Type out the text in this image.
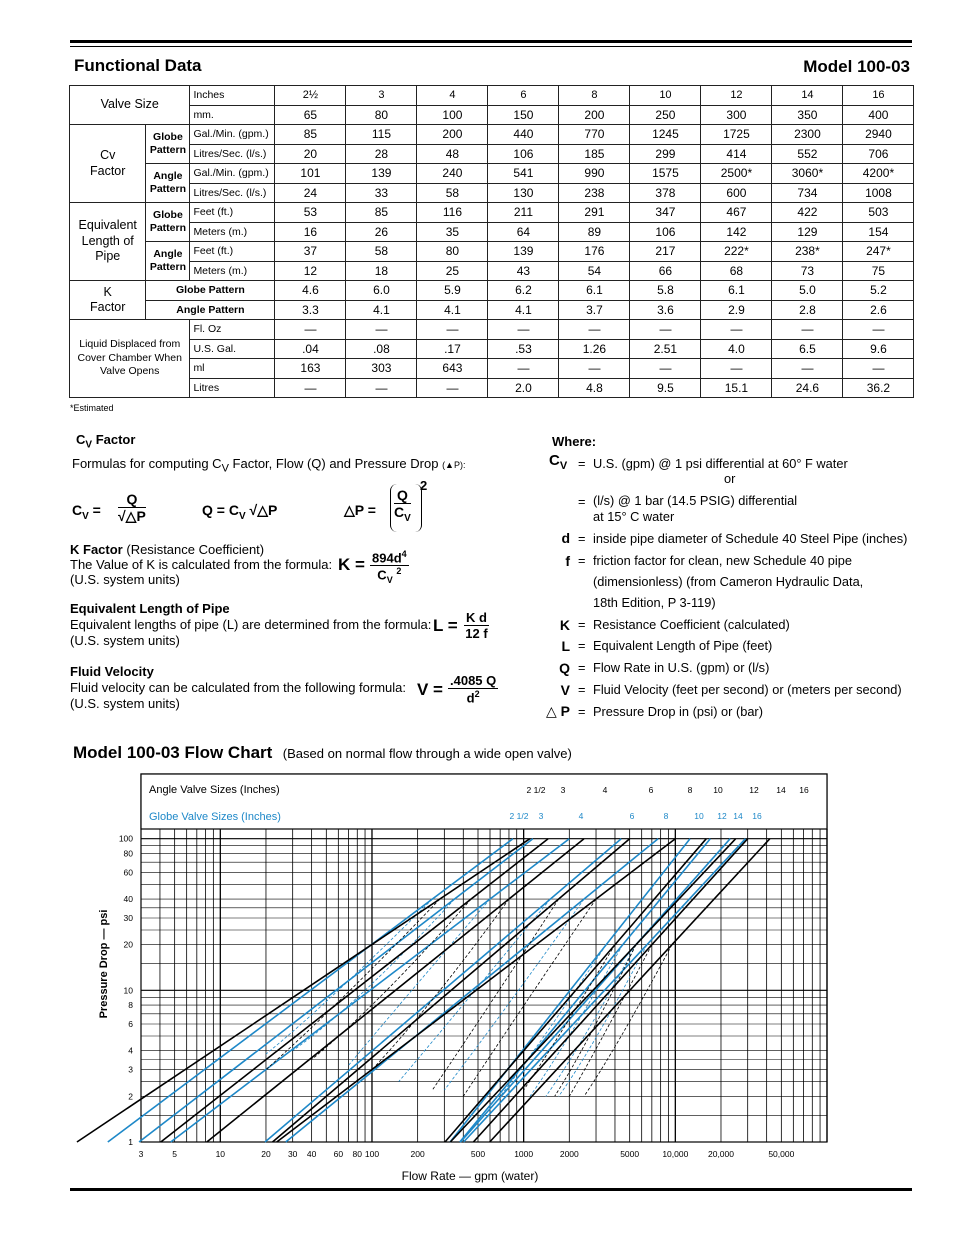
Functional Data	Model 100-03
Valve Size		Inches	2½	3	4	6	8	10	12	14	16
		mm.	65	80	100	150	200	250	300	350	400
Cv Factor	Globe Pattern	Gal./Min. (gpm.)	85	115	200	440	770	1245	1725	2300	2940
		Litres/Sec. (l/s.)	20	28	48	106	185	299	414	552	706
	Angle Pattern	Gal./Min. (gpm.)	101	139	240	541	990	1575	2500*	3060*	4200*
		Litres/Sec. (l/s.)	24	33	58	130	238	378	600	734	1008
Equivalent Length of Pipe	Globe Pattern	Feet (ft.)	53	85	116	211	291	347	467	422	503
		Meters (m.)	16	26	35	64	89	106	142	129	154
	Angle Pattern	Feet (ft.)	37	58	80	139	176	217	222*	238*	247*
		Meters (m.)	12	18	25	43	54	66	68	73	75
K Factor	Globe Pattern		4.6	6.0	5.9	6.2	6.1	5.8	6.1	5.0	5.2
	Angle Pattern		3.3	4.1	4.1	4.1	3.7	3.6	2.9	2.8	2.6
Liquid Displaced from Cover Chamber When Valve Opens		Fl. Oz	—	—	—	—	—	—	—	—	—
		U.S. Gal.	.04	.08	.17	.53	1.26	2.51	4.0	6.5	9.6
		ml	163	303	643	—	—	—	—	—	—
		Litres	—	—	—	2.0	4.8	9.5	15.1	24.6	36.2
*Estimated
$C_V$ Factor
Formulas for computing $C_V$ Factor, Flow (Q) and Pressure Drop (▲P):
$C_V = \frac{Q}{√\triangle P}$	$Q = C_V$ √△P	△P = $\frac{Q}{C_V}$
2
K Factor (Resistance Coefficient)
The Value of K is calculated from the formula:
(U.S. system units)
$K = \frac{894d^4}{C_V ^2}$
Equivalent Length of Pipe
Equivalent lengths of pipe (L) are determined from the formula:
(U.S. system units)
$L = \frac{\text{K d}}{12 f}$
Fluid Velocity
Fluid velocity can be calculated from the following formula:
(U.S. system units)
$V = \frac{.4085 Q}{d^2}$
Where:
$C_V = U.S$. (gpm) @ 1 psi differential at 60° F water
or
= (l/s) @ 1 bar (14.5 PSIG) differential
at 15° C water
d = inside pipe diameter of Schedule 40 Steel Pipe (inches)
f = friction factor for clean, new Schedule 40 pipe
(dimensionless) (from Cameron Hydraulic Data,
18th Edition, P 3-119)
K = Resistance Coefficient (calculated)
L = Equivalent Length of Pipe (feet)
Q = Flow Rate in U.S. (gpm) or (l/s)
V = Fluid Velocity (feet per second) or (meters per second)
△ P = Pressure Drop in (psi) or (bar)
Model 100-03 Flow Chart (Based on normal flow through a wide open valve)
3	5	10	20 30 40 60 80 100	200	500	1000	2000	5000	10,000 20,000	50,000
1
2
3
4
6
8
10
20
30
40
60
80
100
Angle Valve Sizes (Inches)
Globe Valve Sizes (Inches)
2 1/2 3	4	6	8 10	12 14 16
2 1/2 3	4	6	8	10 12 14 16
Pressure Drop — psi
Flow Rate — gpm (water)
